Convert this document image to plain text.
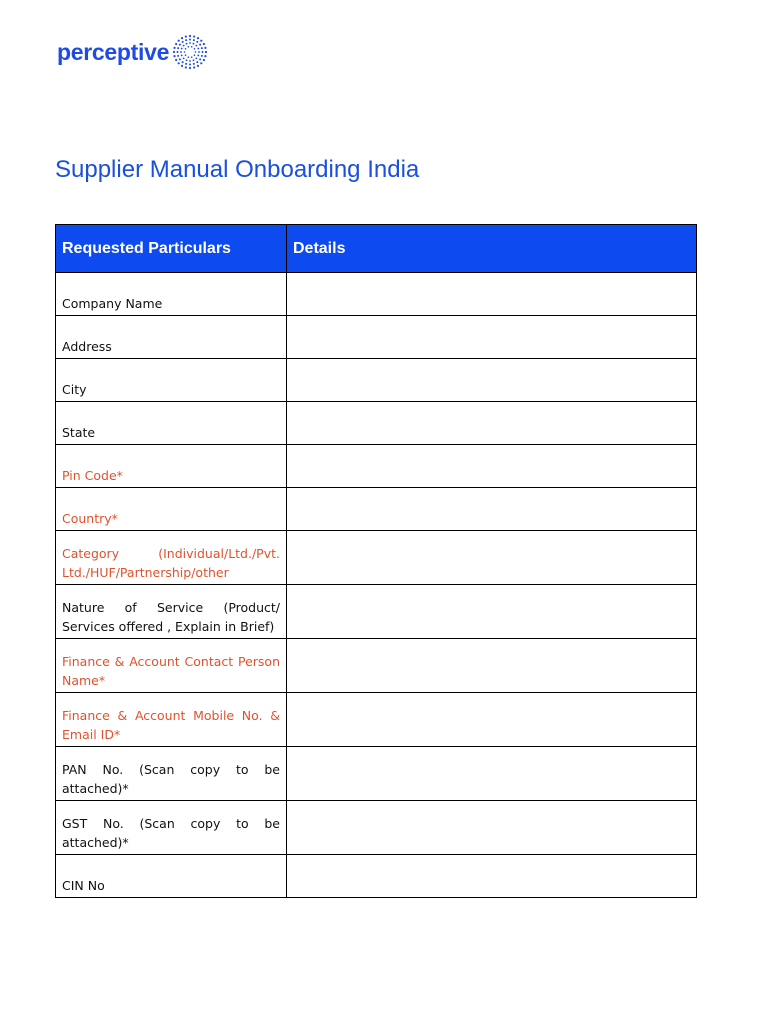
perceptive
Supplier Manual Onboarding India
Requested Particulars	Details
Company Name	

Address	

City	

State	

Pin Code*	

Country*	

Category (Individual/Ltd./Pvt. Ltd./HUF/Partnership/other	

Nature of Service (Product/ Services offered , Explain in Brief)	

Finance & Account Contact Person Name*	

Finance & Account Mobile No. & Email ID*	

PAN No. (Scan copy to be attached)*	

GST No. (Scan copy to be attached)*	

CIN No	
